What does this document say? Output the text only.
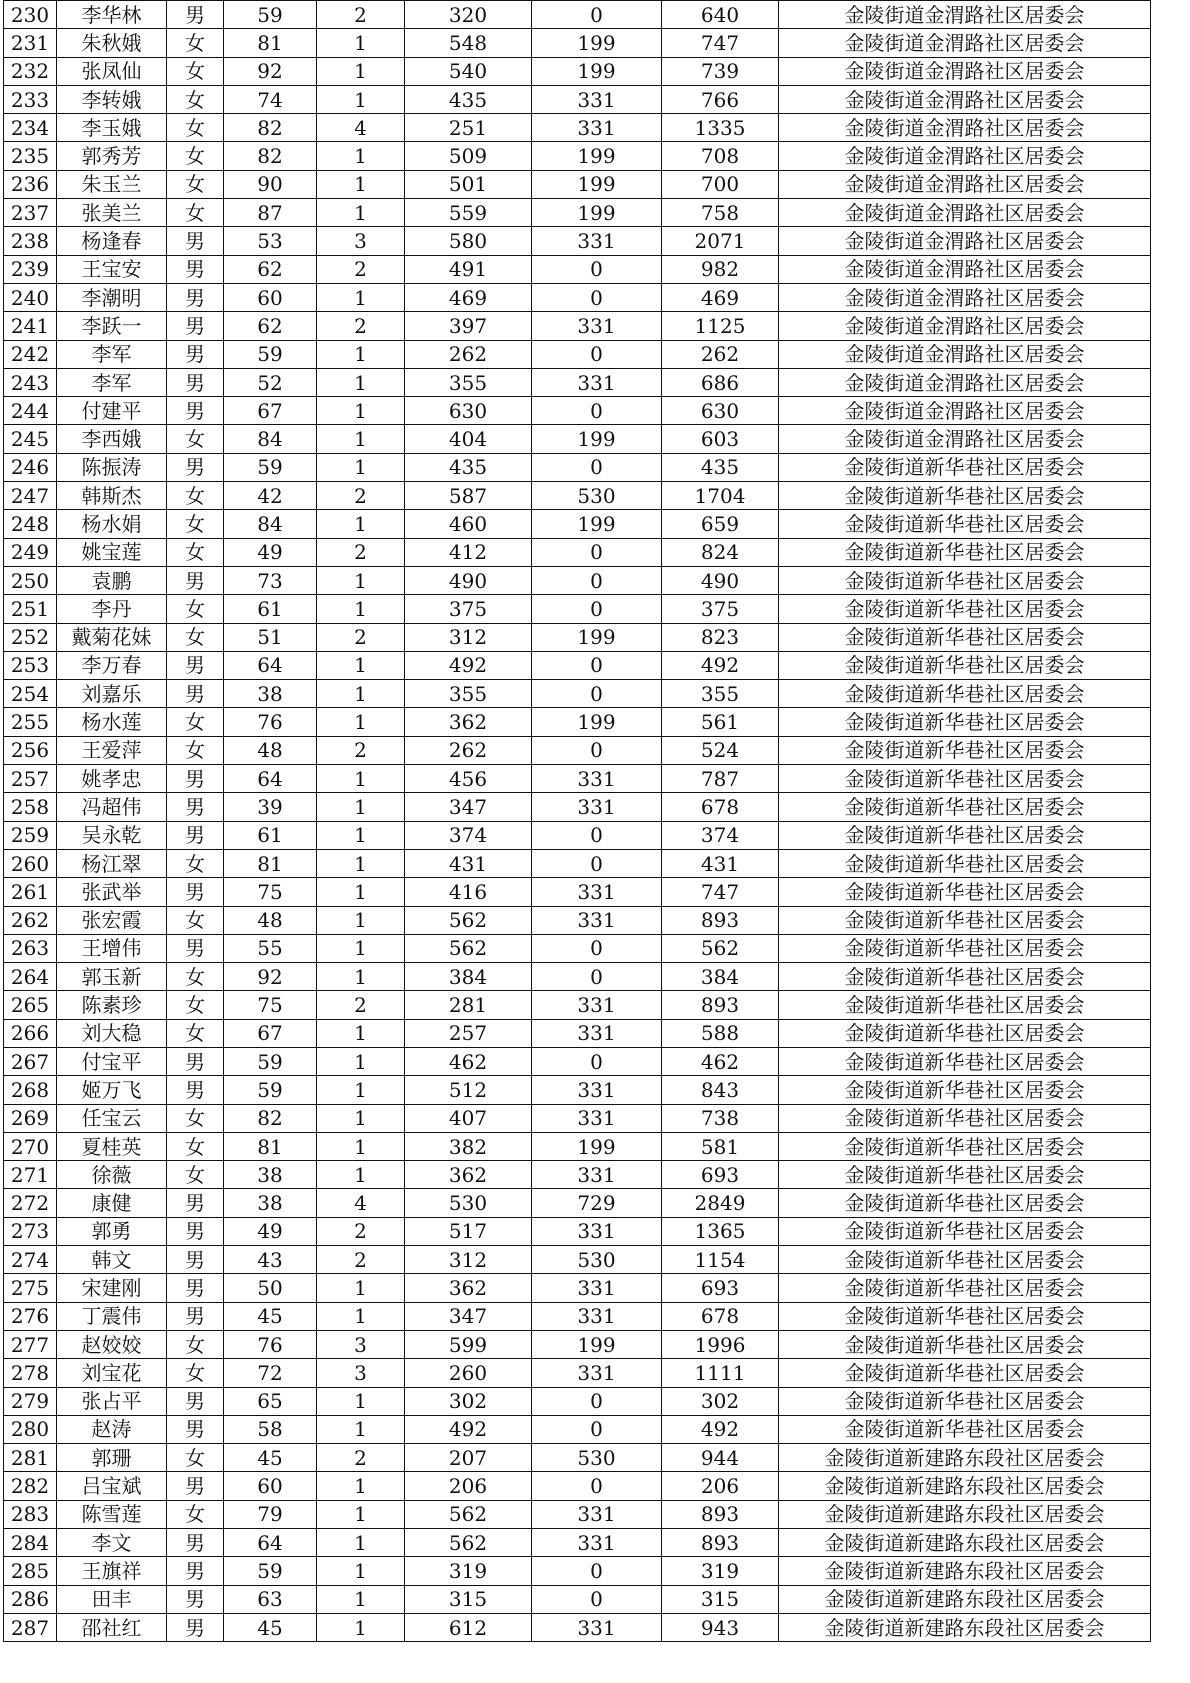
230	李华林	男	59	2	320	0	640	金陵街道金渭路社区居委会
231	朱秋娥	女	81	1	548	199	747	金陵街道金渭路社区居委会
232	张凤仙	女	92	1	540	199	739	金陵街道金渭路社区居委会
233	李转娥	女	74	1	435	331	766	金陵街道金渭路社区居委会
234	李玉娥	女	82	4	251	331	1335	金陵街道金渭路社区居委会
235	郭秀芳	女	82	1	509	199	708	金陵街道金渭路社区居委会
236	朱玉兰	女	90	1	501	199	700	金陵街道金渭路社区居委会
237	张美兰	女	87	1	559	199	758	金陵街道金渭路社区居委会
238	杨逢春	男	53	3	580	331	2071	金陵街道金渭路社区居委会
239	王宝安	男	62	2	491	0	982	金陵街道金渭路社区居委会
240	李潮明	男	60	1	469	0	469	金陵街道金渭路社区居委会
241	李跃一	男	62	2	397	331	1125	金陵街道金渭路社区居委会
242	李军	男	59	1	262	0	262	金陵街道金渭路社区居委会
243	李军	男	52	1	355	331	686	金陵街道金渭路社区居委会
244	付建平	男	67	1	630	0	630	金陵街道金渭路社区居委会
245	李西娥	女	84	1	404	199	603	金陵街道金渭路社区居委会
246	陈振涛	男	59	1	435	0	435	金陵街道新华巷社区居委会
247	韩斯杰	女	42	2	587	530	1704	金陵街道新华巷社区居委会
248	杨水娟	女	84	1	460	199	659	金陵街道新华巷社区居委会
249	姚宝莲	女	49	2	412	0	824	金陵街道新华巷社区居委会
250	袁鹏	男	73	1	490	0	490	金陵街道新华巷社区居委会
251	李丹	女	61	1	375	0	375	金陵街道新华巷社区居委会
252	戴菊花妹	女	51	2	312	199	823	金陵街道新华巷社区居委会
253	李万春	男	64	1	492	0	492	金陵街道新华巷社区居委会
254	刘嘉乐	男	38	1	355	0	355	金陵街道新华巷社区居委会
255	杨水莲	女	76	1	362	199	561	金陵街道新华巷社区居委会
256	王爱萍	女	48	2	262	0	524	金陵街道新华巷社区居委会
257	姚孝忠	男	64	1	456	331	787	金陵街道新华巷社区居委会
258	冯超伟	男	39	1	347	331	678	金陵街道新华巷社区居委会
259	吴永乾	男	61	1	374	0	374	金陵街道新华巷社区居委会
260	杨江翠	女	81	1	431	0	431	金陵街道新华巷社区居委会
261	张武举	男	75	1	416	331	747	金陵街道新华巷社区居委会
262	张宏霞	女	48	1	562	331	893	金陵街道新华巷社区居委会
263	王增伟	男	55	1	562	0	562	金陵街道新华巷社区居委会
264	郭玉新	女	92	1	384	0	384	金陵街道新华巷社区居委会
265	陈素珍	女	75	2	281	331	893	金陵街道新华巷社区居委会
266	刘大稳	女	67	1	257	331	588	金陵街道新华巷社区居委会
267	付宝平	男	59	1	462	0	462	金陵街道新华巷社区居委会
268	姬万飞	男	59	1	512	331	843	金陵街道新华巷社区居委会
269	任宝云	女	82	1	407	331	738	金陵街道新华巷社区居委会
270	夏桂英	女	81	1	382	199	581	金陵街道新华巷社区居委会
271	徐薇	女	38	1	362	331	693	金陵街道新华巷社区居委会
272	康健	男	38	4	530	729	2849	金陵街道新华巷社区居委会
273	郭勇	男	49	2	517	331	1365	金陵街道新华巷社区居委会
274	韩文	男	43	2	312	530	1154	金陵街道新华巷社区居委会
275	宋建刚	男	50	1	362	331	693	金陵街道新华巷社区居委会
276	丁震伟	男	45	1	347	331	678	金陵街道新华巷社区居委会
277	赵姣姣	女	76	3	599	199	1996	金陵街道新华巷社区居委会
278	刘宝花	女	72	3	260	331	1111	金陵街道新华巷社区居委会
279	张占平	男	65	1	302	0	302	金陵街道新华巷社区居委会
280	赵涛	男	58	1	492	0	492	金陵街道新华巷社区居委会
281	郭珊	女	45	2	207	530	944	金陵街道新建路东段社区居委会
282	吕宝斌	男	60	1	206	0	206	金陵街道新建路东段社区居委会
283	陈雪莲	女	79	1	562	331	893	金陵街道新建路东段社区居委会
284	李文	男	64	1	562	331	893	金陵街道新建路东段社区居委会
285	王旗祥	男	59	1	319	0	319	金陵街道新建路东段社区居委会
286	田丰	男	63	1	315	0	315	金陵街道新建路东段社区居委会
287	邵社红	男	45	1	612	331	943	金陵街道新建路东段社区居委会
